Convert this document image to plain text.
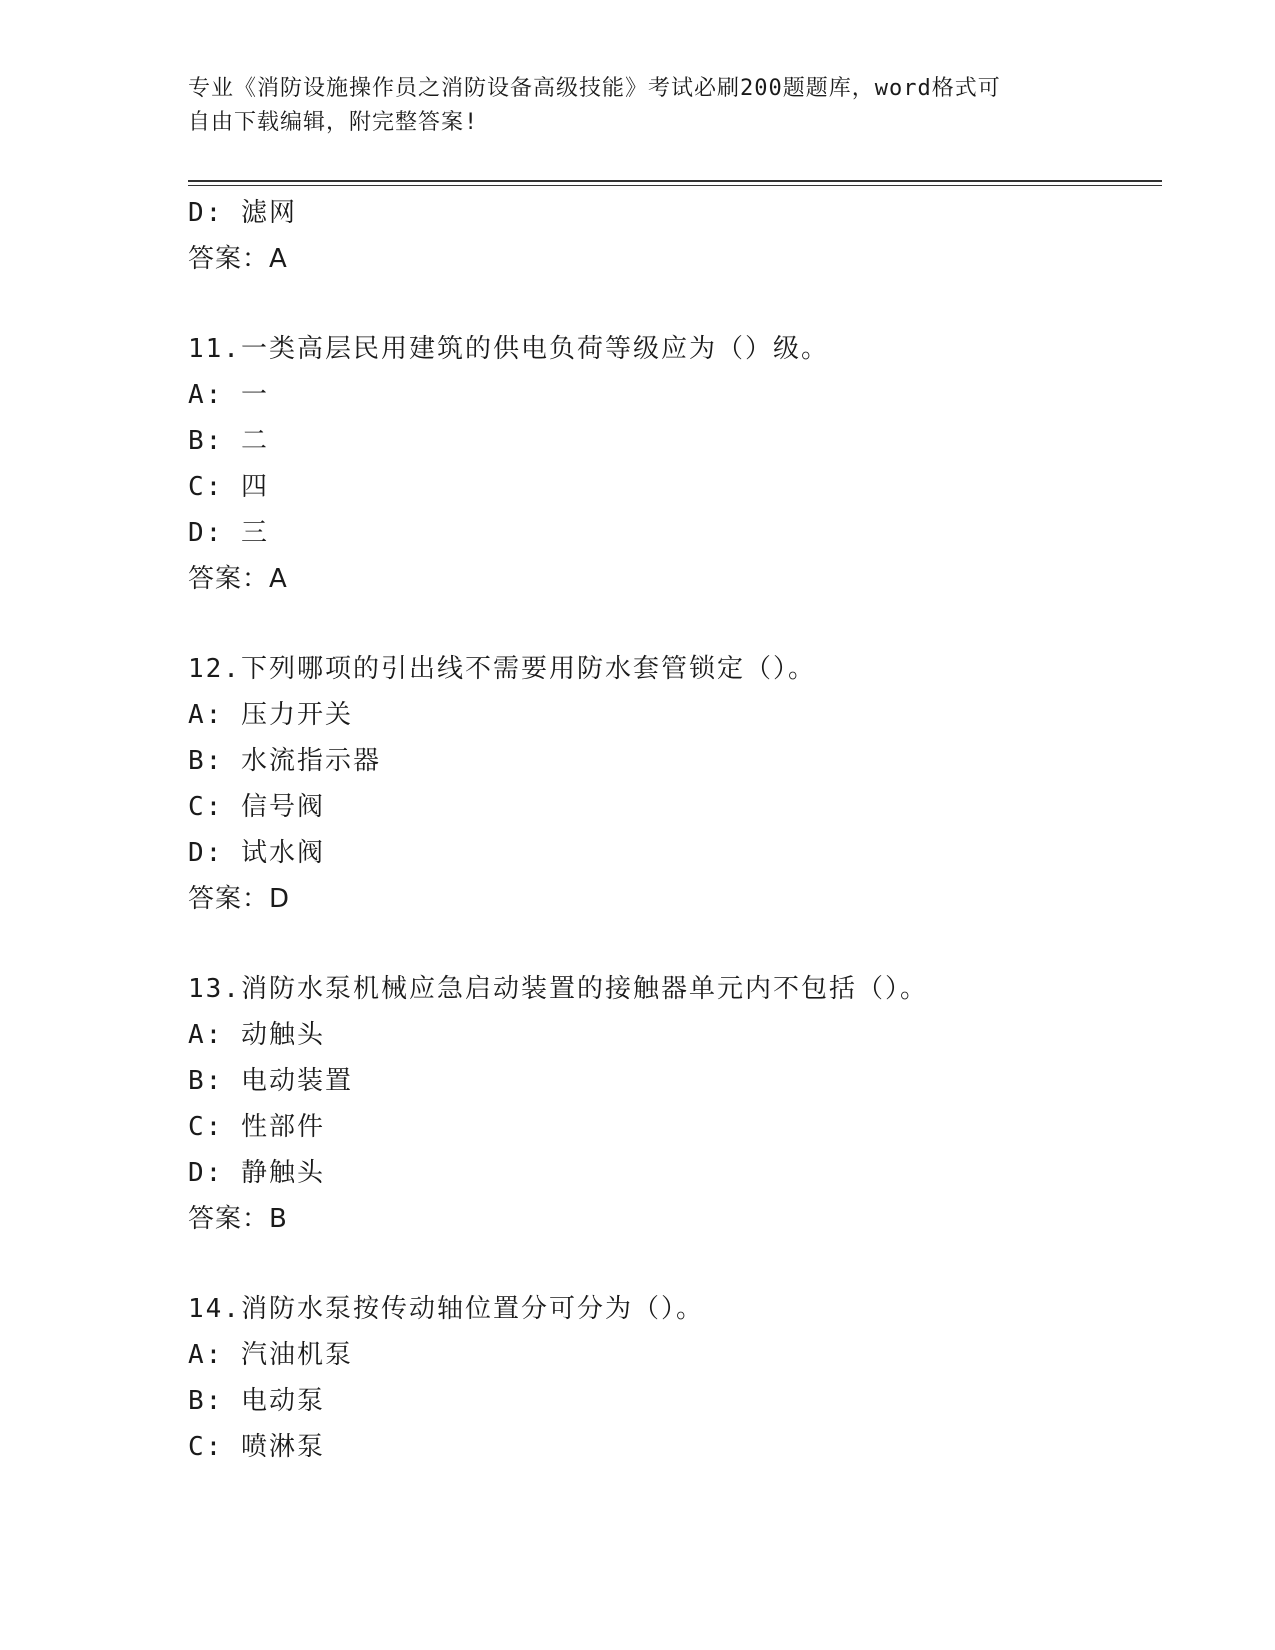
专业《消防设施操作员之消防设备高级技能》考试必刷200题题库，word格式可
自由下载编辑，附完整答案!
D: 滤网
答案：A
11.一类高层民用建筑的供电负荷等级应为（）级。
A: 一
B: 二
C: 四
D: 三
答案：A
12.下列哪项的引出线不需要用防水套管锁定（）。
A: 压力开关
B: 水流指示器
C: 信号阀
D: 试水阀
答案：D
13.消防水泵机械应急启动装置的接触器单元内不包括（）。
A: 动触头
B: 电动装置
C: 性部件
D: 静触头
答案：B
14.消防水泵按传动轴位置分可分为（）。
A: 汽油机泵
B: 电动泵
C: 喷淋泵
